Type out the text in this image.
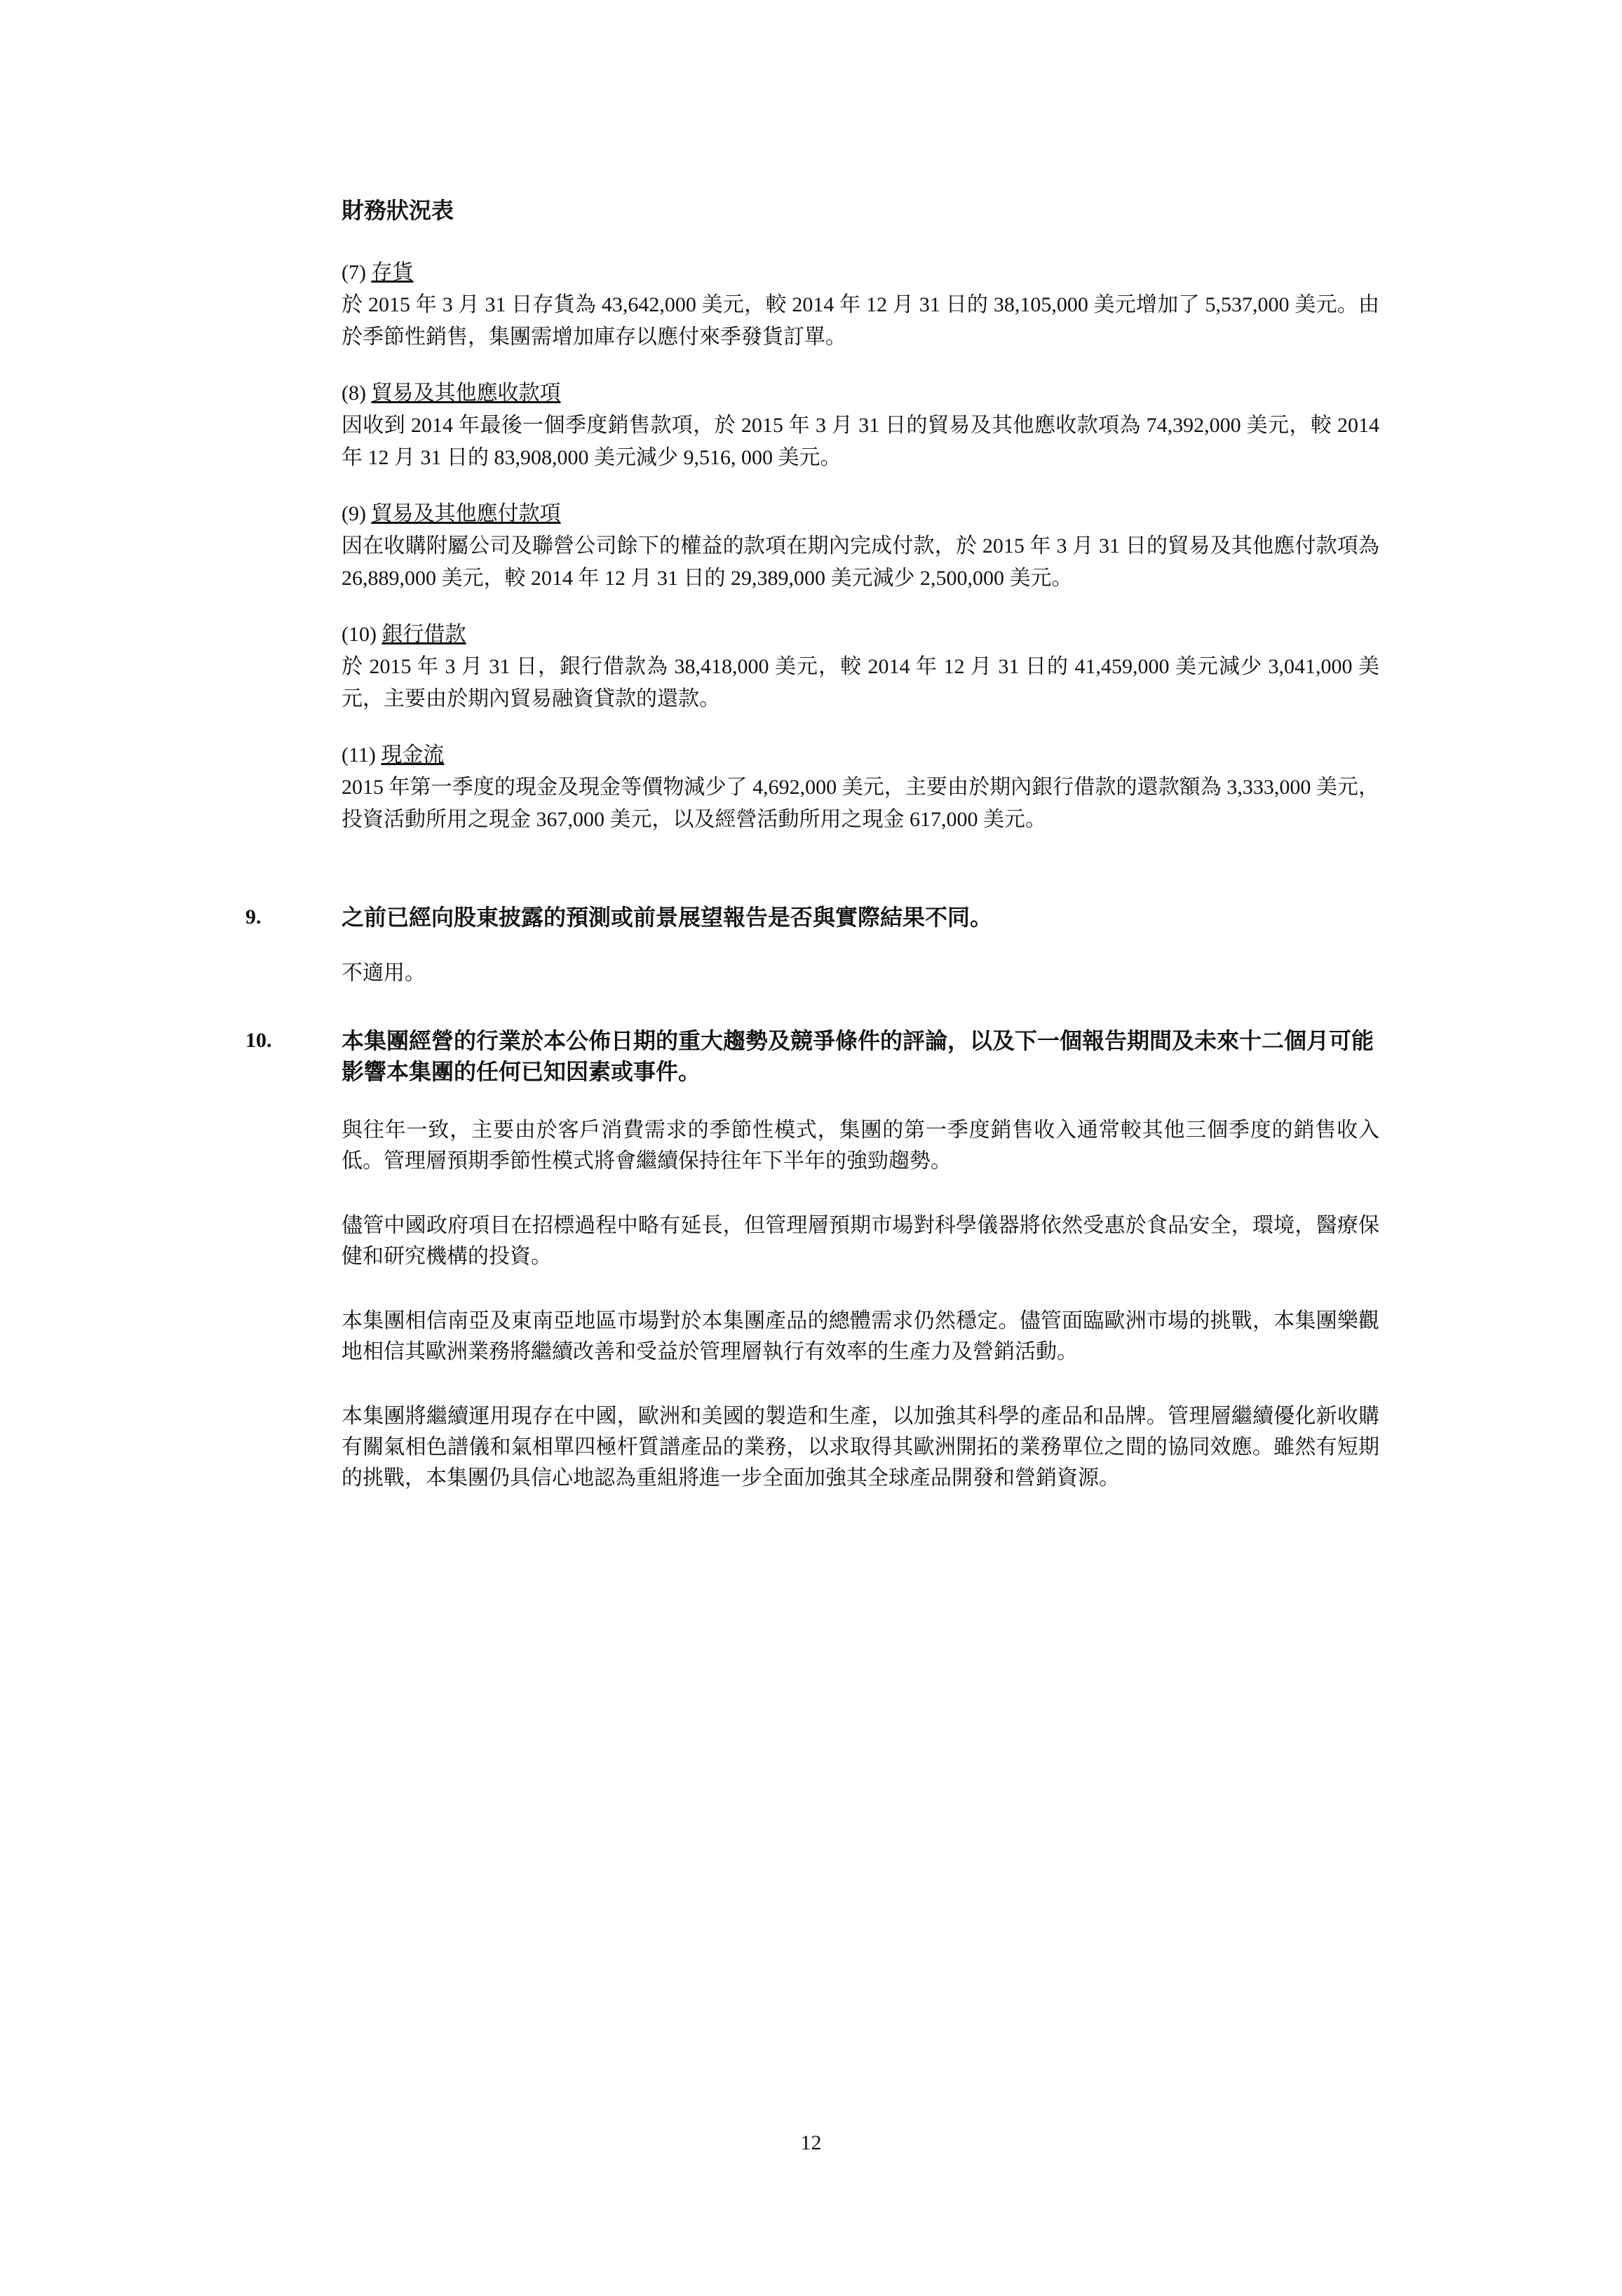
財務狀況表
(7) 存貨
於 2015 年 3 月 31 日存貨為 43,642,000 美元，較 2014 年 12 月 31 日的 38,105,000 美元增加了 5,537,000 美元。由於季節性銷售，集團需增加庫存以應付來季發貨訂單。
(8) 貿易及其他應收款項
因收到 2014 年最後一個季度銷售款項，於 2015 年 3 月 31 日的貿易及其他應收款項為 74,392,000 美元，較 2014 年 12 月 31 日的 83,908,000 美元減少 9,516, 000 美元。
(9) 貿易及其他應付款項
因在收購附屬公司及聯營公司餘下的權益的款項在期內完成付款，於 2015 年 3 月 31 日的貿易及其他應付款項為 26,889,000 美元，較 2014 年 12 月 31 日的 29,389,000 美元減少 2,500,000 美元。
(10) 銀行借款
於 2015 年 3 月 31 日，銀行借款為 38,418,000 美元，較 2014 年 12 月 31 日的 41,459,000 美元減少 3,041,000 美元，主要由於期內貿易融資貸款的還款。
(11) 現金流
2015 年第一季度的現金及現金等價物減少了 4,692,000 美元，主要由於期內銀行借款的還款額為 3,333,000 美元，投資活動所用之現金 367,000 美元，以及經營活動所用之現金 617,000 美元。
9.	之前已經向股東披露的預測或前景展望報告是否與實際結果不同。
不適用。
10.	本集團經營的行業於本公佈日期的重大趨勢及競爭條件的評論，以及下一個報告期間及未來十二個月可能影響本集團的任何已知因素或事件。
與往年一致，主要由於客戶消費需求的季節性模式，集團的第一季度銷售收入通常較其他三個季度的銷售收入低。管理層預期季節性模式將會繼續保持往年下半年的強勁趨勢。
儘管中國政府項目在招標過程中略有延長，但管理層預期市場對科學儀器將依然受惠於食品安全，環境，醫療保健和研究機構的投資。
本集團相信南亞及東南亞地區市場對於本集團產品的總體需求仍然穩定。儘管面臨歐洲市場的挑戰，本集團樂觀地相信其歐洲業務將繼續改善和受益於管理層執行有效率的生產力及營銷活動。
本集團將繼續運用現存在中國，歐洲和美國的製造和生產，以加強其科學的產品和品牌。管理層繼續優化新收購有關氣相色譜儀和氣相單四極杆質譜產品的業務，以求取得其歐洲開拓的業務單位之間的協同效應。雖然有短期的挑戰，本集團仍具信心地認為重組將進一步全面加強其全球產品開發和營銷資源。
12
